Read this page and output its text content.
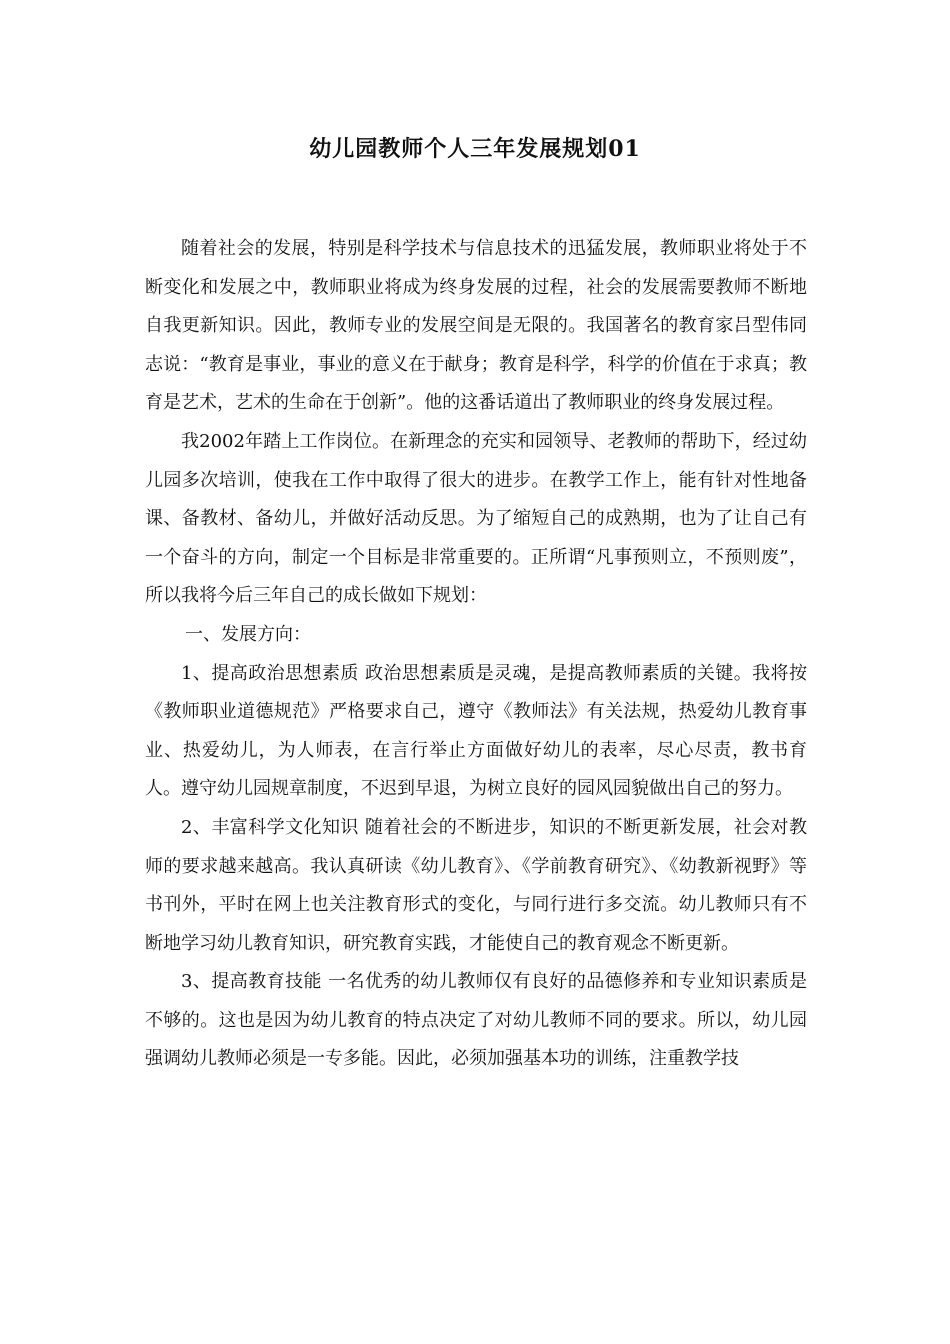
幼儿园教师个人三年发展规划01

随着社会的发展，特别是科学技术与信息技术的迅猛发展，教师职业将处于不断变化和发展之中，教师职业将成为终身发展的过程，社会的发展需要教师不断地自我更新知识。因此，教师专业的发展空间是无限的。我国著名的教育家吕型伟同志说：“教育是事业，事业的意义在于献身；教育是科学，科学的价值在于求真；教育是艺术，艺术的生命在于创新”。他的这番话道出了教师职业的终身发展过程。

我2002年踏上工作岗位。在新理念的充实和园领导、老教师的帮助下，经过幼儿园多次培训，使我在工作中取得了很大的进步。在教学工作上，能有针对性地备课、备教材、备幼儿，并做好活动反思。为了缩短自己的成熟期，也为了让自己有一个奋斗的方向，制定一个目标是非常重要的。正所谓“凡事预则立，不预则废”，所以我将今后三年自己的成长做如下规划：

一、发展方向：

1、提高政治思想素质 政治思想素质是灵魂，是提高教师素质的关键。我将按《教师职业道德规范》严格要求自己，遵守《教师法》有关法规，热爱幼儿教育事业、热爱幼儿，为人师表，在言行举止方面做好幼儿的表率，尽心尽责，教书育人。遵守幼儿园规章制度，不迟到早退，为树立良好的园风园貌做出自己的努力。

2、丰富科学文化知识 随着社会的不断进步，知识的不断更新发展，社会对教师的要求越来越高。我认真研读《幼儿教育》、《学前教育研究》、《幼教新视野》等书刊外，平时在网上也关注教育形式的变化，与同行进行多交流。幼儿教师只有不断地学习幼儿教育知识，研究教育实践，才能使自己的教育观念不断更新。

3、提高教育技能 一名优秀的幼儿教师仅有良好的品德修养和专业知识素质是不够的。这也是因为幼儿教育的特点决定了对幼儿教师不同的要求。所以，幼儿园强调幼儿教师必须是一专多能。因此，必须加强基本功的训练，注重教学技
